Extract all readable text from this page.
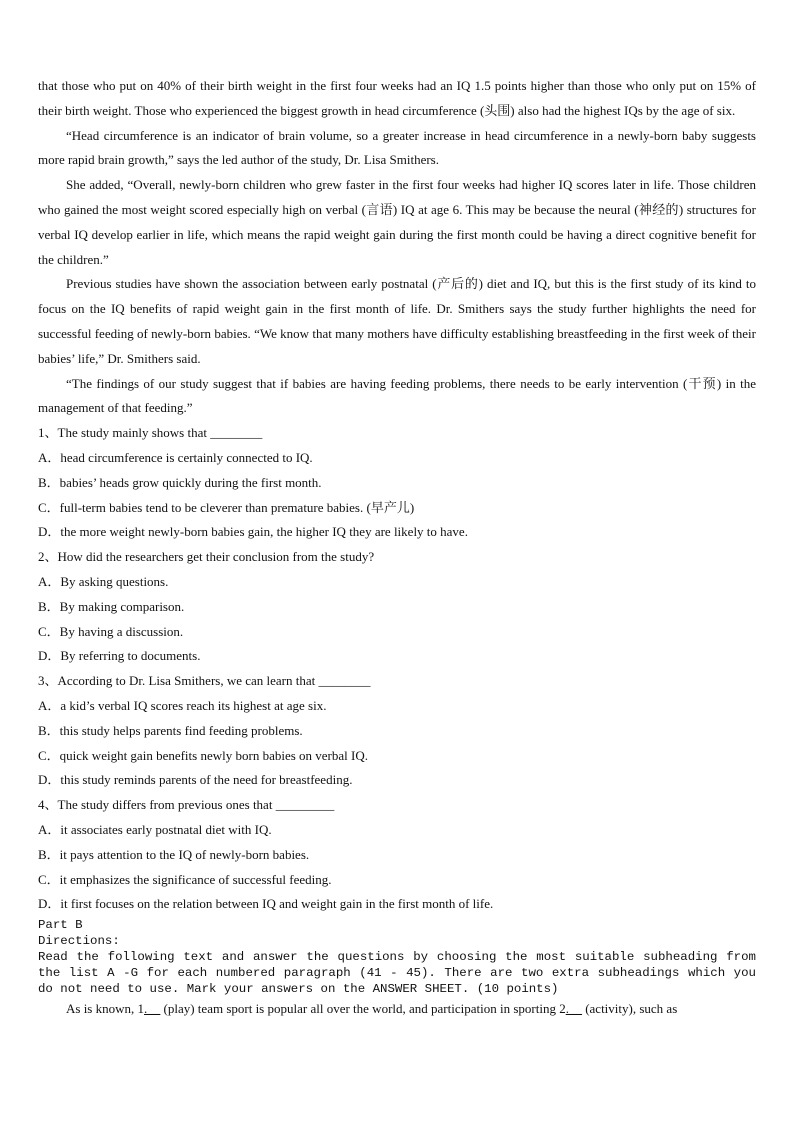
that those who put on 40% of their birth weight in the first four weeks had an IQ 1.5 points higher than those who only put on 15% of their birth weight. Those who experienced the biggest growth in head circumference (头围) also had the highest IQs by the age of six.

“Head circumference is an indicator of brain volume, so a greater increase in head circumference in a newly-born baby suggests more rapid brain growth,” says the led author of the study, Dr. Lisa Smithers.

She added, “Overall, newly-born children who grew faster in the first four weeks had higher IQ scores later in life. Those children who gained the most weight scored especially high on verbal (言语) IQ at age 6. This may be because the neural (神经的) structures for verbal IQ develop earlier in life, which means the rapid weight gain during the first month could be having a direct cognitive benefit for the children.”

Previous studies have shown the association between early postnatal (产后的) diet and IQ, but this is the first study of its kind to focus on the IQ benefits of rapid weight gain in the first month of life. Dr. Smithers says the study further highlights the need for successful feeding of newly-born babies. “We know that many mothers have difficulty establishing breastfeeding in the first week of their babies’ life,” Dr. Smithers said.

“The findings of our study suggest that if babies are having feeding problems, there needs to be early intervention (干预) in the management of that feeding.”

1、The study mainly shows that ________

A．head circumference is certainly connected to IQ.

B．babies’ heads grow quickly during the first month.

C．full-term babies tend to be cleverer than premature babies. (早产儿)

D．the more weight newly-born babies gain, the higher IQ they are likely to have.

2、How did the researchers get their conclusion from the study?

A．By asking questions.

B．By making comparison.

C．By having a discussion.

D．By referring to documents.

3、According to Dr. Lisa Smithers, we can learn that ________

A．a kid’s verbal IQ scores reach its highest at age six.

B．this study helps parents find feeding problems.

C．quick weight gain benefits newly born babies on verbal IQ.

D．this study reminds parents of the need for breastfeeding.

4、The study differs from previous ones that _________

A．it associates early postnatal diet with IQ.

B．it pays attention to the IQ of newly-born babies.

C．it emphasizes the significance of successful feeding.

D．it first focuses on the relation between IQ and weight gain in the first month of life.

Part B

Directions:

Read the following text and answer the questions by choosing the most suitable subheading from the list A -G for each numbered paragraph (41 - 45). There are two extra subheadings which you do not need to use. Mark your answers on the ANSWER SHEET. (10 points)

As is known, 1.__ (play) team sport is popular all over the world, and participation in sporting 2.__ (activity), such as
